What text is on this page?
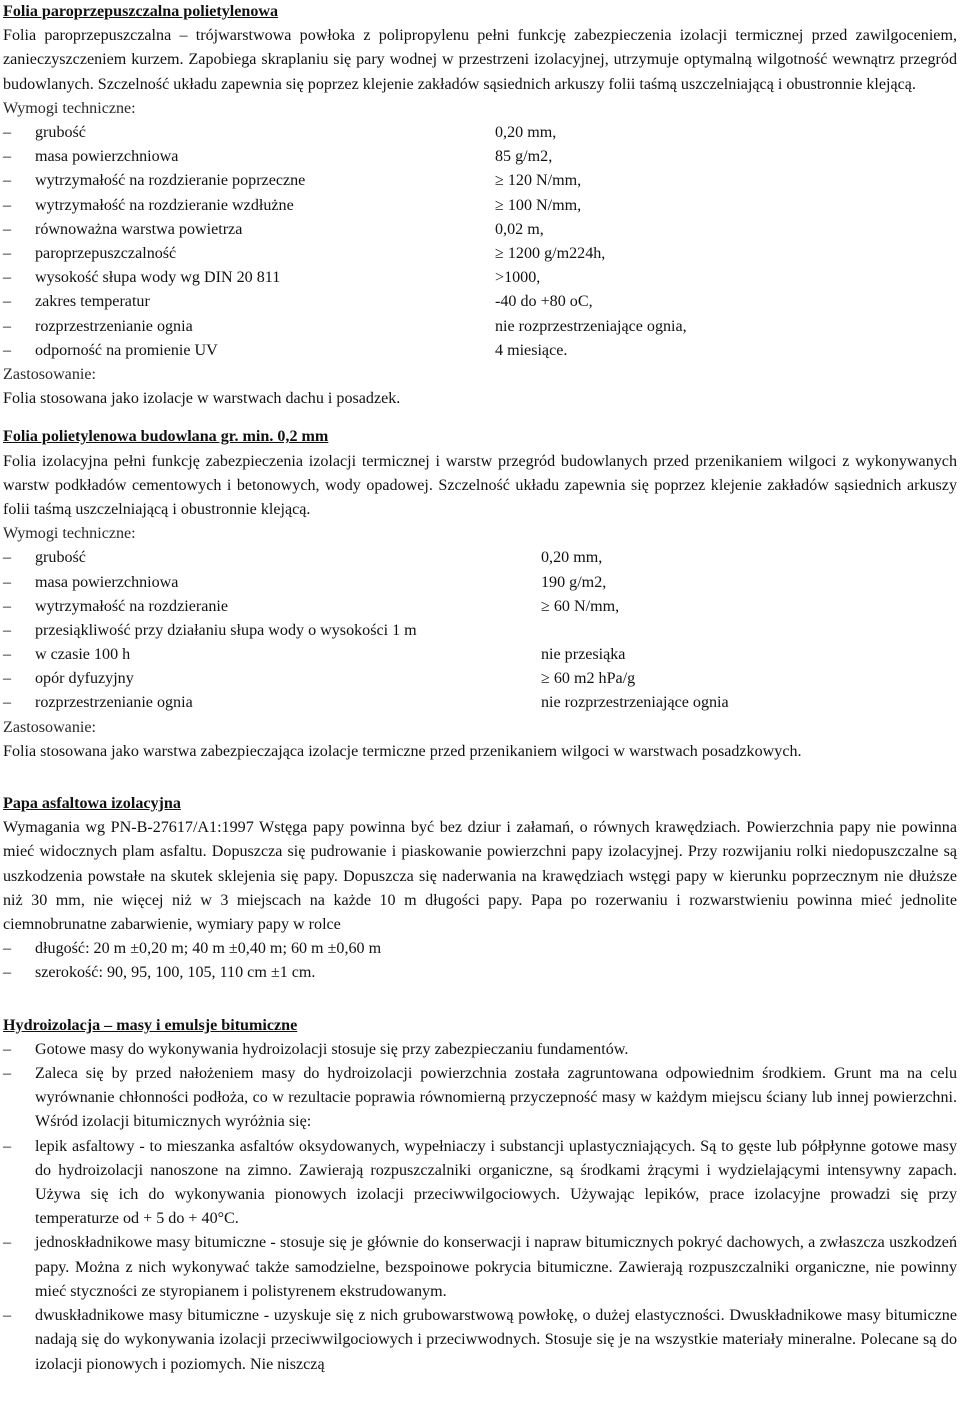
Folia paroprzepuszczalna polietylenowa

Folia paroprzepuszczalna – trójwarstwowa powłoka z polipropylenu pełni funkcję zabezpieczenia izolacji termicznej przed zawilgoceniem, zanieczyszczeniem kurzem. Zapobiega skraplaniu się pary wodnej w przestrzeni izolacyjnej, utrzymuje optymalną wilgotność wewnątrz przegród budowlanych. Szczelność układu zapewnia się poprzez klejenie zakładów sąsiednich arkuszy folii taśmą uszczelniającą i obustronnie klejącą.

Wymogi techniczne:

– grubość	0,20 mm,
– masa powierzchniowa	85 g/m2,
– wytrzymałość na rozdzieranie poprzeczne	≥ 120 N/mm,
– wytrzymałość na rozdzieranie wzdłużne	≥ 100 N/mm,
– równoważna warstwa powietrza	0,02 m,
– paroprzepuszczalność	≥ 1200 g/m224h,
– wysokość słupa wody wg DIN 20 811	>1000,
– zakres temperatur	-40 do +80 oC,
– rozprzestrzenianie ognia	nie rozprzestrzeniające ognia,
– odporność na promienie UV	4 miesiące.

Zastosowanie:

Folia stosowana jako izolacje w warstwach dachu i posadzek.

Folia polietylenowa budowlana gr. min. 0,2 mm

Folia izolacyjna pełni funkcję zabezpieczenia izolacji termicznej i warstw przegród budowlanych przed przenikaniem wilgoci z wykonywanych warstw podkładów cementowych i betonowych, wody opadowej. Szczelność układu zapewnia się poprzez klejenie zakładów sąsiednich arkuszy folii taśmą uszczelniającą i obustronnie klejącą.

Wymogi techniczne:

– grubość	0,20 mm,
– masa powierzchniowa	190 g/m2,
– wytrzymałość na rozdzieranie	≥ 60 N/mm,
– przesiąkliwość przy działaniu słupa wody o wysokości 1 m
– w czasie 100 h	nie przesiąka
– opór dyfuzyjny	≥ 60 m2 hPa/g
– rozprzestrzenianie ognia	nie rozprzestrzeniające ognia

Zastosowanie:

Folia stosowana jako warstwa zabezpieczająca izolacje termiczne przed przenikaniem wilgoci w warstwach posadzkowych.

Papa asfaltowa izolacyjna

Wymagania wg PN-B-27617/A1:1997 Wstęga papy powinna być bez dziur i załamań, o równych krawędziach. Powierzchnia papy nie powinna mieć widocznych plam asfaltu. Dopuszcza się pudrowanie i piaskowanie powierzchni papy izolacyjnej. Przy rozwijaniu rolki niedopuszczalne są uszkodzenia powstałe na skutek sklejenia się papy. Dopuszcza się naderwania na krawędziach wstęgi papy w kierunku poprzecznym nie dłuższe niż 30 mm, nie więcej niż w 3 miejscach na każde 10 m długości papy. Papa po rozerwaniu i rozwarstwieniu powinna mieć jednolite ciemnobrunatne zabarwienie, wymiary papy w rolce

– długość: 20 m ±0,20 m; 40 m ±0,40 m; 60 m ±0,60 m

– szerokość: 90, 95, 100, 105, 110 cm ±1 cm.

Hydroizolacja – masy i emulsje bitumiczne

– Gotowe masy do wykonywania hydroizolacji stosuje się przy zabezpieczaniu fundamentów.

– Zaleca się by przed nałożeniem masy do hydroizolacji powierzchnia została zagruntowana odpowiednim środkiem. Grunt ma na celu wyrównanie chłonności podłoża, co w rezultacie poprawia równomierną przyczepność masy w każdym miejscu ściany lub innej powierzchni. Wśród izolacji bitumicznych wyróżnia się:

– lepik asfaltowy - to mieszanka asfaltów oksydowanych, wypełniaczy i substancji uplastyczniających. Są to gęste lub półpłynne gotowe masy do hydroizolacji nanoszone na zimno. Zawierają rozpuszczalniki organiczne, są środkami żrącymi i wydzielającymi intensywny zapach. Używa się ich do wykonywania pionowych izolacji przeciwwilgociowych. Używając lepików, prace izolacyjne prowadzi się przy temperaturze od + 5 do + 40°C.

– jednoskładnikowe masy bitumiczne - stosuje się je głównie do konserwacji i napraw bitumicznych pokryć dachowych, a zwłaszcza uszkodzeń papy. Można z nich wykonywać także samodzielne, bezspoinowe pokrycia bitumiczne. Zawierają rozpuszczalniki organiczne, nie powinny mieć styczności ze styropianem i polistyrenem ekstrudowanym.

– dwuskładnikowe masy bitumiczne - uzyskuje się z nich grubowarstwową powłokę, o dużej elastyczności. Dwuskładnikowe masy bitumiczne nadają się do wykonywania izolacji przeciwwilgociowych i przeciwwodnych. Stosuje się je na wszystkie materiały mineralne. Polecane są do izolacji pionowych i poziomych. Nie niszczą
